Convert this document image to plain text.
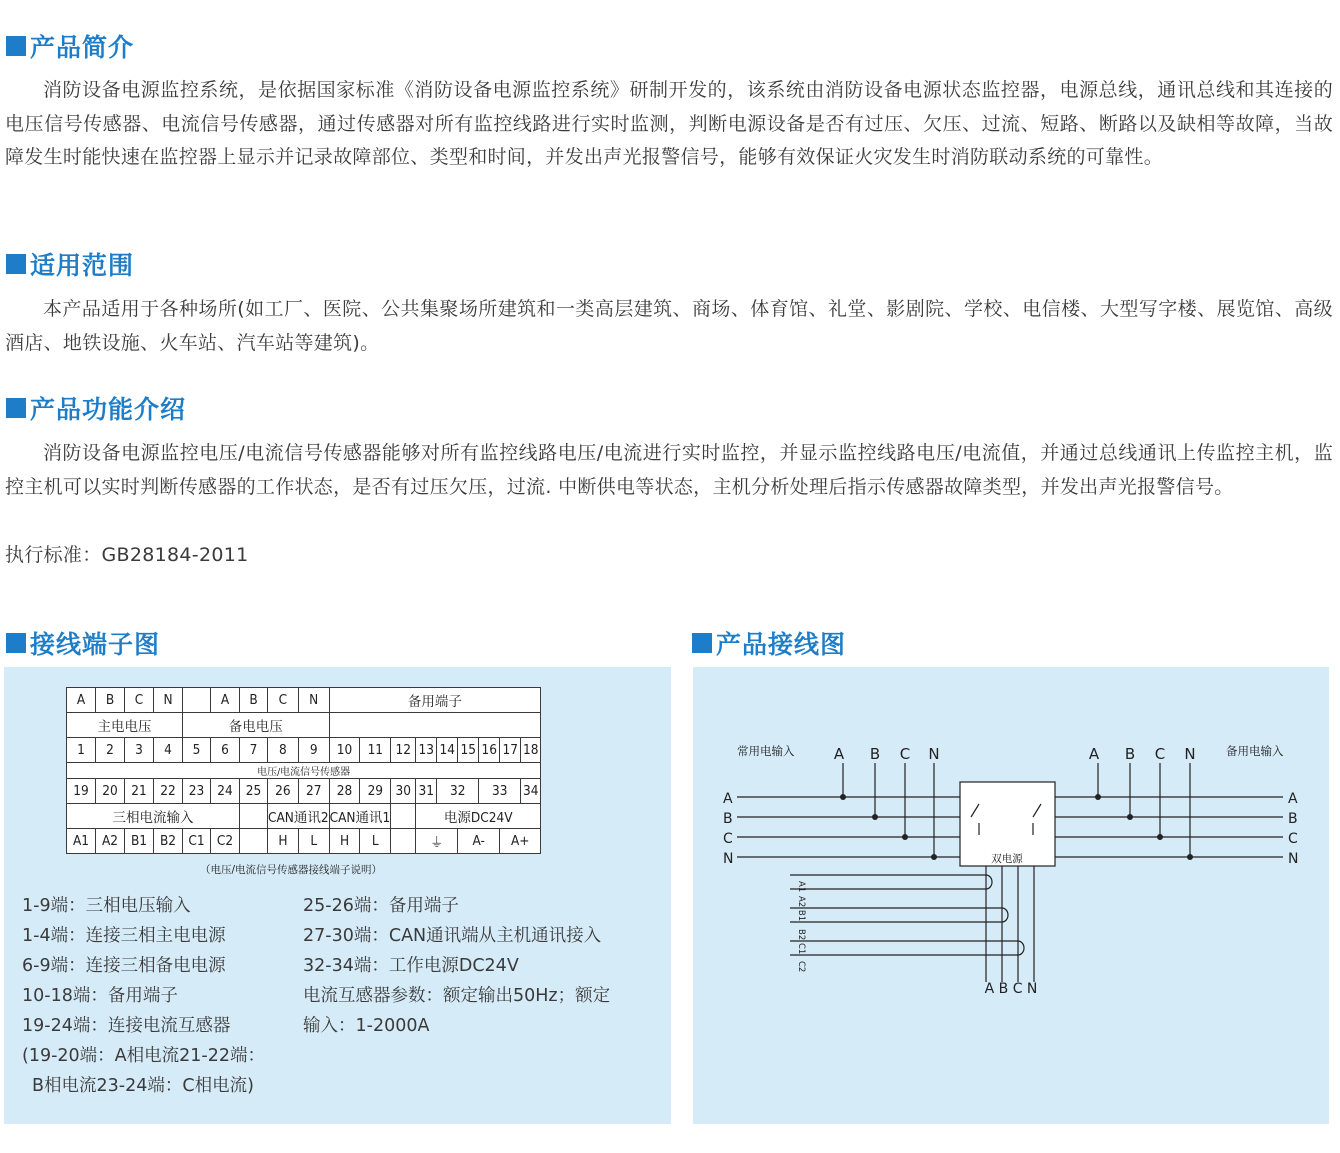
产品简介

消防设备电源监控系统，是依据国家标准《消防设备电源监控系统》研制开发的，该系统由消防设备电源状态监控器，电源总线，通讯总线和其连接的电压信号传感器、电流信号传感器，通过传感器对所有监控线路进行实时监测，判断电源设备是否有过压、欠压、过流、短路、断路以及缺相等故障，当故障发生时能快速在监控器上显示并记录故障部位、类型和时间，并发出声光报警信号，能够有效保证火灾发生时消防联动系统的可靠性。

适用范围

本产品适用于各种场所(如工厂、医院、公共集聚场所建筑和一类高层建筑、商场、体育馆、礼堂、影剧院、学校、电信楼、大型写字楼、展览馆、高级酒店、地铁设施、火车站、汽车站等建筑)。

产品功能介绍

消防设备电源监控电压/电流信号传感器能够对所有监控线路电压/电流进行实时监控，并显示监控线路电压/电流值，并通过总线通讯上传监控主机，监控主机可以实时判断传感器的工作状态，是否有过压欠压，过流. 中断供电等状态，主机分析处理后指示传感器故障类型，并发出声光报警信号。

执行标准：GB28184-2011

接线端子图	产品接线图
A	B	C	N		A	B	C	N	备用端子								
主电电压				备电电压													
1	2	3	4	5	6	7	8	9	10	11	12	13	14	15	16	17	18
电压/电流信号传感器																	
19	20	21	22	23	24	25	26	27	28	29	30	31	32		33		34
三相电流输入							CAN通讯2		CAN通讯1			电源DC24V					
A1	A2	B1	B2	C1	C2		H	L	H	L		⏚		A-		A+	
（电压/电流信号传感器接线端子说明）
1-9端：三相电压输入
1-4端：连接三相主电电源
6-9端：连接三相备电电源
10-18端：备用端子
19-24端：连接电流互感器
(19-20端：A相电流21-22端：
B相电流23-24端：C相电流)
25-26端：备用端子
27-30端：CAN通讯端从主机通讯接入
32-34端：工作电源DC24V
电流互感器参数：额定输出50Hz；额定
输入：1-2000A
常用电输入	备用电输入
A B C N	A B C N
A
B
C
N
A
B
C
N
双电源
A1
A2 B1
B2 C1
C2
A B C N
